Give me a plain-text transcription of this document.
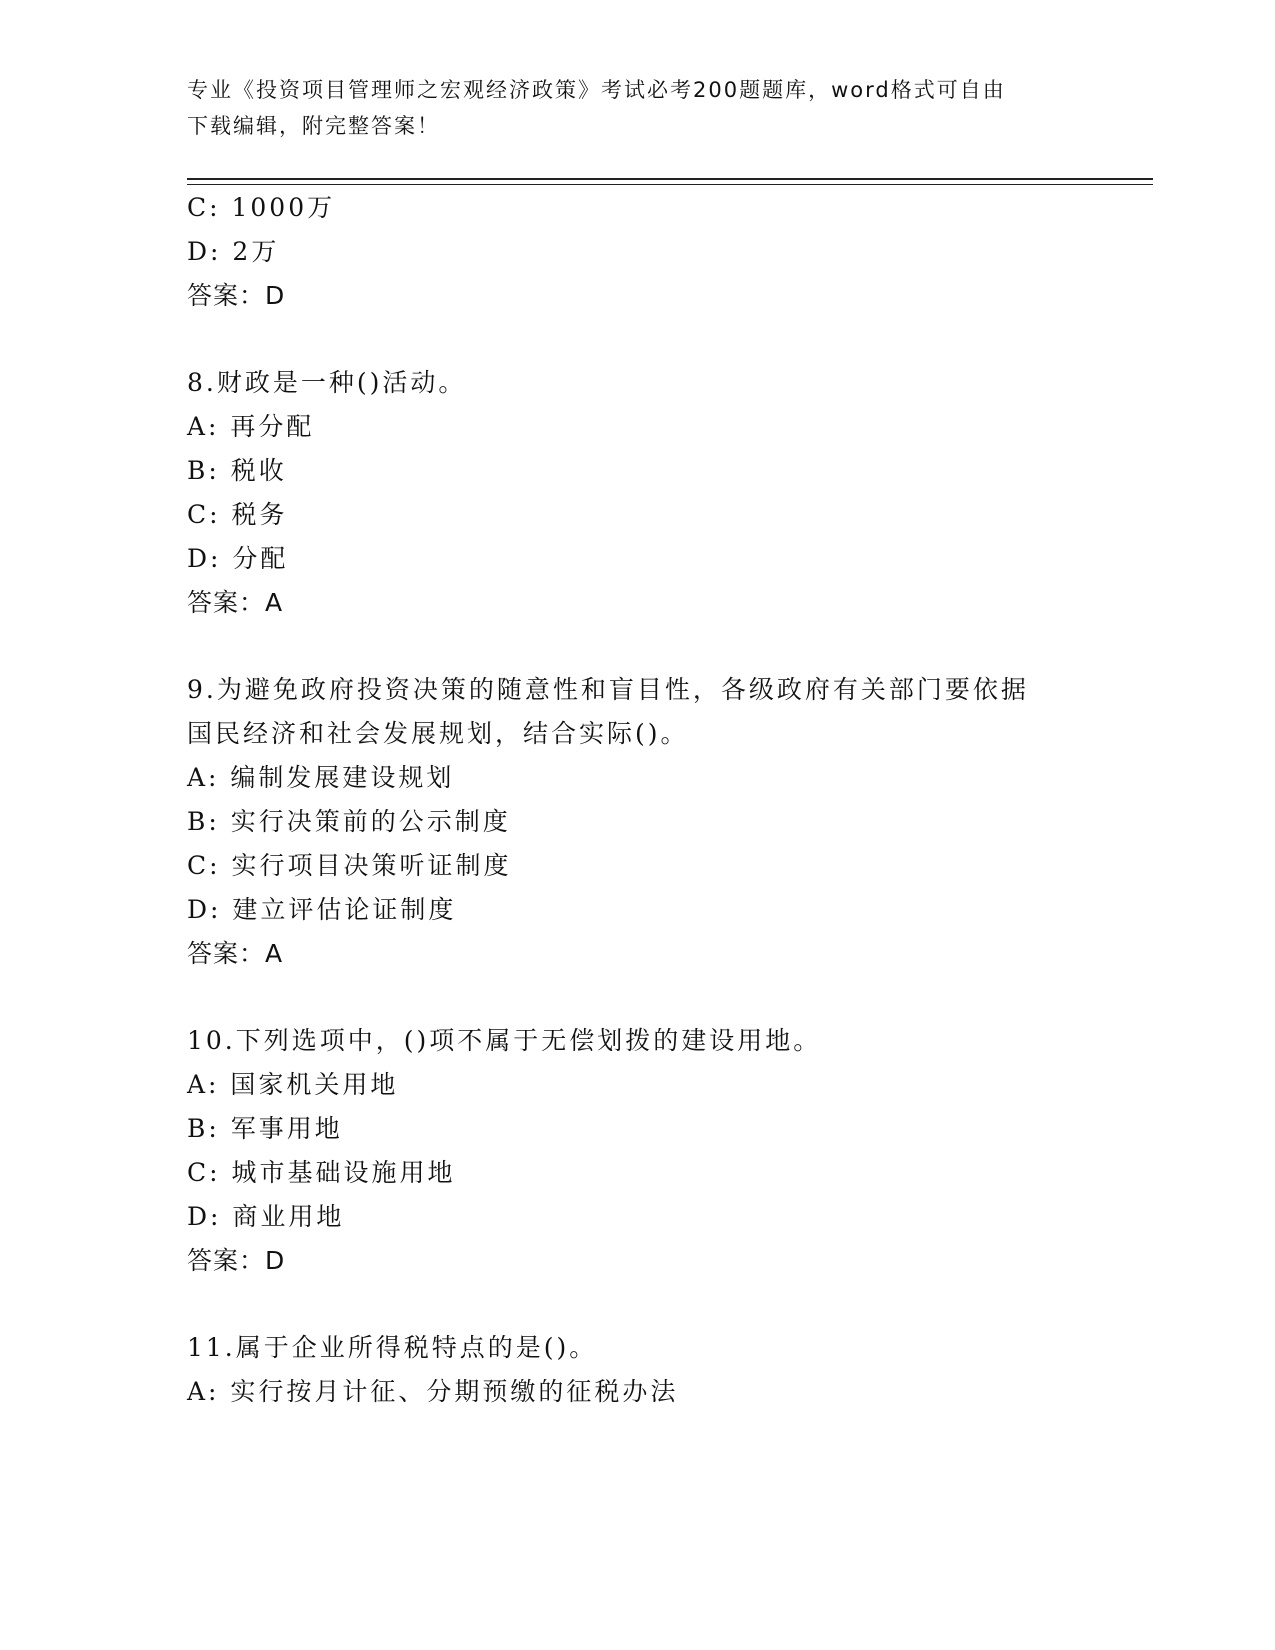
专业《投资项目管理师之宏观经济政策》考试必考200题题库，word格式可自由
下载编辑，附完整答案！
C: 1000万
D: 2万
答案：D
8.财政是一种()活动。
A: 再分配
B: 税收
C: 税务
D: 分配
答案：A
9.为避免政府投资决策的随意性和盲目性，各级政府有关部门要依据
国民经济和社会发展规划，结合实际()。
A: 编制发展建设规划
B: 实行决策前的公示制度
C: 实行项目决策听证制度
D: 建立评估论证制度
答案：A
10.下列选项中，()项不属于无偿划拨的建设用地。
A: 国家机关用地
B: 军事用地
C: 城市基础设施用地
D: 商业用地
答案：D
11.属于企业所得税特点的是()。
A: 实行按月计征、分期预缴的征税办法
